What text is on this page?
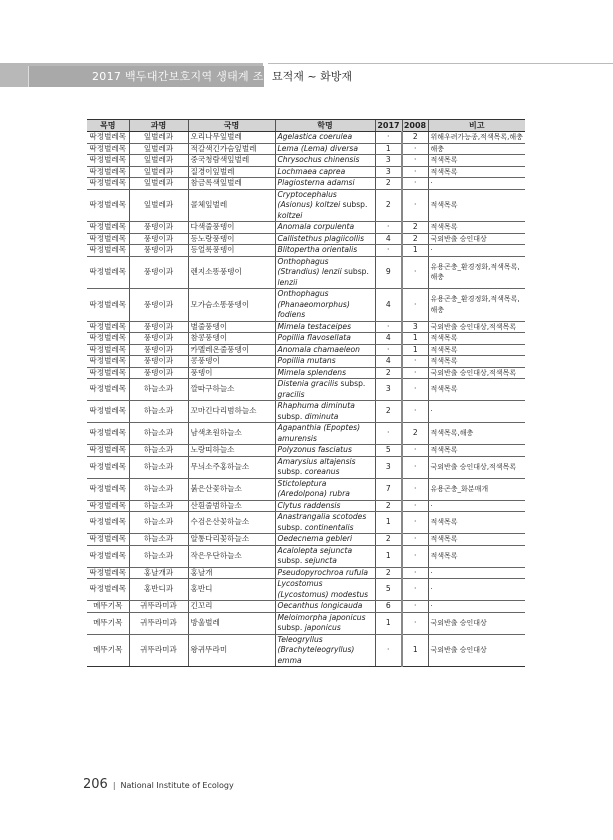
2017 백두대간보호지역 생태계 조사
묘적재 ~ 화방재
목명	과명	국명	학명	2017	2008	비고
딱정벌레목	잎벌레과	오리나무잎벌레	Agelastica coerulea	·	2	위해우려가능종,적색목록,해충
딱정벌레목	잎벌레과	적갈색긴가슴잎벌레	Lema (Lema) diversa	1	·	해충
딱정벌레목	잎벌레과	중국청람색잎벌레	Chrysochus chinensis	3	·	적색목록
딱정벌레목	잎벌레과	질경이잎벌레	Lochmaea caprea	3	·	적색목록
딱정벌레목	잎벌레과	참금록색잎벌레	Plagiosterna adamsi	2	·	·
딱정벌레목	잎벌레과	콜체잎벌레	Cryptocephalus (Asionus) koltzei subsp. koltzei	2	·	적색목록
딱정벌레목	풍뎅이과	다색줄풍뎅이	Anomala corpulenta	·	2	적색목록
딱정벌레목	풍뎅이과	등노랑풍뎅이	Callistethus plagiicollis	4	2	국외반출 승인대상
딱정벌레목	풍뎅이과	등얼룩풍뎅이	Blitopertha orientalis	·	1	·
딱정벌레목	풍뎅이과	렌지소똥풍뎅이	Onthophagus (Strandius) lenzii subsp. lenzii	9	·	유용곤충_환경정화,적색목록,해충
딱정벌레목	풍뎅이과	모가슴소똥풍뎅이	Onthophagus (Phanaeomorphus) fodiens	4	·	유용곤충_환경정화,적색목록,해충
딱정벌레목	풍뎅이과	별줄풍뎅이	Mimela testaceipes	·	3	국외반출 승인대상,적색목록
딱정벌레목	풍뎅이과	참콩풍뎅이	Popillia flavosellata	4	1	적색목록
딱정벌레목	풍뎅이과	카멜레온줄풍뎅이	Anomala chamaeleon	·	1	적색목록
딱정벌레목	풍뎅이과	콩풍뎅이	Popillia mutans	4	·	적색목록
딱정벌레목	풍뎅이과	풍뎅이	Mimela splendens	2	·	국외반출 승인대상,적색목록
딱정벌레목	하늘소과	깔따구하늘소	Distenia gracilis subsp. gracilis	3	·	적색목록
딱정벌레목	하늘소과	꼬마긴다리범하늘소	Rhaphuma diminuta subsp. diminuta	2	·	·
딱정벌레목	하늘소과	남색초원하늘소	Agapanthia (Epoptes) amurensis	·	2	적색목록,해충
딱정벌레목	하늘소과	노랑띠하늘소	Polyzonus fasciatus	5	·	적색목록
딱정벌레목	하늘소과	무늬소주홍하늘소	Amarysius altajensis subsp. coreanus	3	·	국외반출 승인대상,적색목록
딱정벌레목	하늘소과	붉은산꽃하늘소	Stictoleptura (Aredolpona) rubra	7	·	유용곤충_화분매개
딱정벌레목	하늘소과	산흰줄범하늘소	Clytus raddensis	2	·	·
딱정벌레목	하늘소과	수검은산꽃하늘소	Anastrangalia scotodes subsp. continentalis	1	·	적색목록
딱정벌레목	하늘소과	알통다리꽃하늘소	Oedecnema gebleri	2	·	적색목록
딱정벌레목	하늘소과	작은우단하늘소	Acalolepta sejuncta subsp. sejuncta	1	·	적색목록
딱정벌레목	홍날개과	홍날개	Pseudopyrochroa rufula	2	·	·
딱정벌레목	홍반디과	홍반디	Lycostomus (Lycostomus) modestus	5	·	·
메뚜기목	귀뚜라미과	긴꼬리	Oecanthus longicauda	6	·	·
메뚜기목	귀뚜라미과	방울벌레	Meloimorpha japonicus subsp. japonicus	1	·	국외반출 승인대상
메뚜기목	귀뚜라미과	왕귀뚜라미	Teleogryllus (Brachyteleogryllus) emma	·	1	국외반출 승인대상
206 | National Institute of Ecology
